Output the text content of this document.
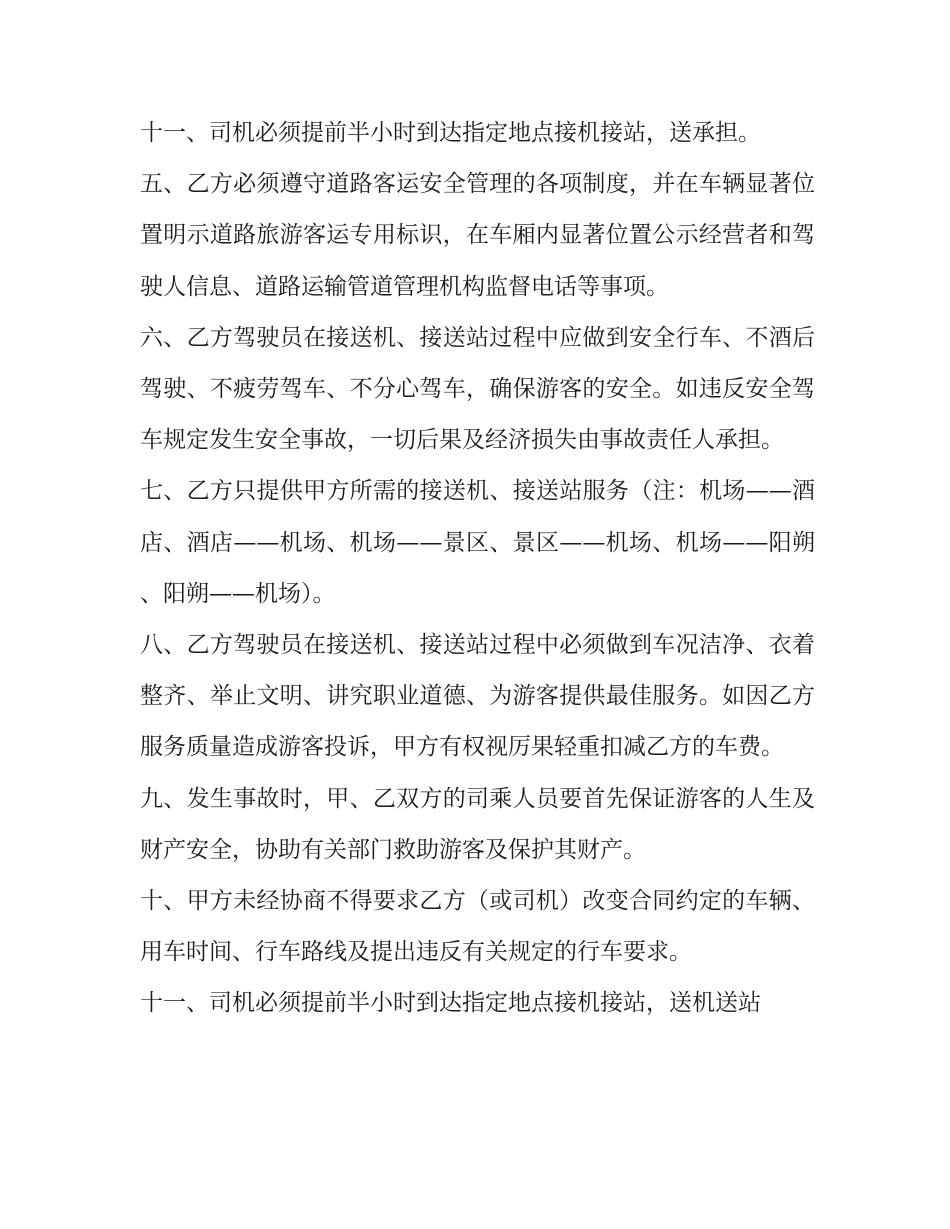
十一、司机必须提前半小时到达指定地点接机接站，送承担。

五、乙方必须遵守道路客运安全管理的各项制度，并在车辆显著位置明示道路旅游客运专用标识，在车厢内显著位置公示经营者和驾驶人信息、道路运输管道管理机构监督电话等事项。

六、乙方驾驶员在接送机、接送站过程中应做到安全行车、不酒后驾驶、不疲劳驾车、不分心驾车，确保游客的安全。如违反安全驾车规定发生安全事故，一切后果及经济损失由事故责任人承担。

七、乙方只提供甲方所需的接送机、接送站服务（注：机场——酒店、酒店——机场、机场——景区、景区——机场、机场——阳朔、阳朔——机场）。

八、乙方驾驶员在接送机、接送站过程中必须做到车况洁净、衣着整齐、举止文明、讲究职业道德、为游客提供最佳服务。如因乙方服务质量造成游客投诉，甲方有权视厉果轻重扣减乙方的车费。

九、发生事故时，甲、乙双方的司乘人员要首先保证游客的人生及财产安全，协助有关部门救助游客及保护其财产。

十、甲方未经协商不得要求乙方（或司机）改变合同约定的车辆、用车时间、行车路线及提出违反有关规定的行车要求。

十一、司机必须提前半小时到达指定地点接机接站，送机送站
